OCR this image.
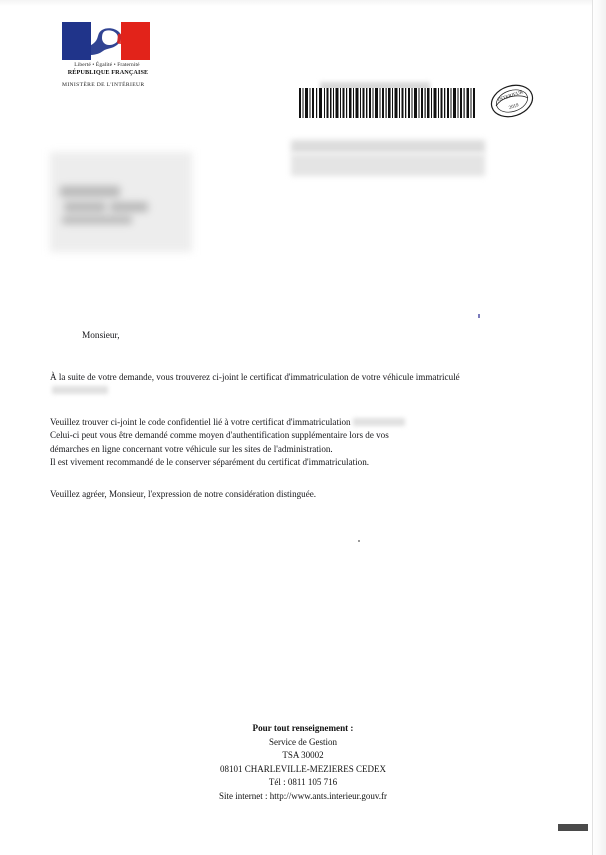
Liberté • Égalité • Fraternité
RÉPUBLIQUE FRANÇAISE
MINISTÈRE DE L'INTÉRIEUR
INTERIEUR
2019
Monsieur,
À la suite de votre demande, vous trouverez ci-joint le certificat d'immatriculation de votre véhicule immatriculé
Veuillez trouver ci-joint le code confidentiel lié à votre certificat d'immatriculation
Celui-ci peut vous être demandé comme moyen d'authentification supplémentaire lors de vos
démarches en ligne concernant votre véhicule sur les sites de l'administration.
Il est vivement recommandé de le conserver séparément du certificat d'immatriculation.
Veuillez agréer, Monsieur, l'expression de notre considération distinguée.
Pour tout renseignement :
Service de Gestion
TSA 30002
08101 CHARLEVILLE-MEZIERES CEDEX
Tél : 0811 105 716
Site internet : http://www.ants.interieur.gouv.fr
